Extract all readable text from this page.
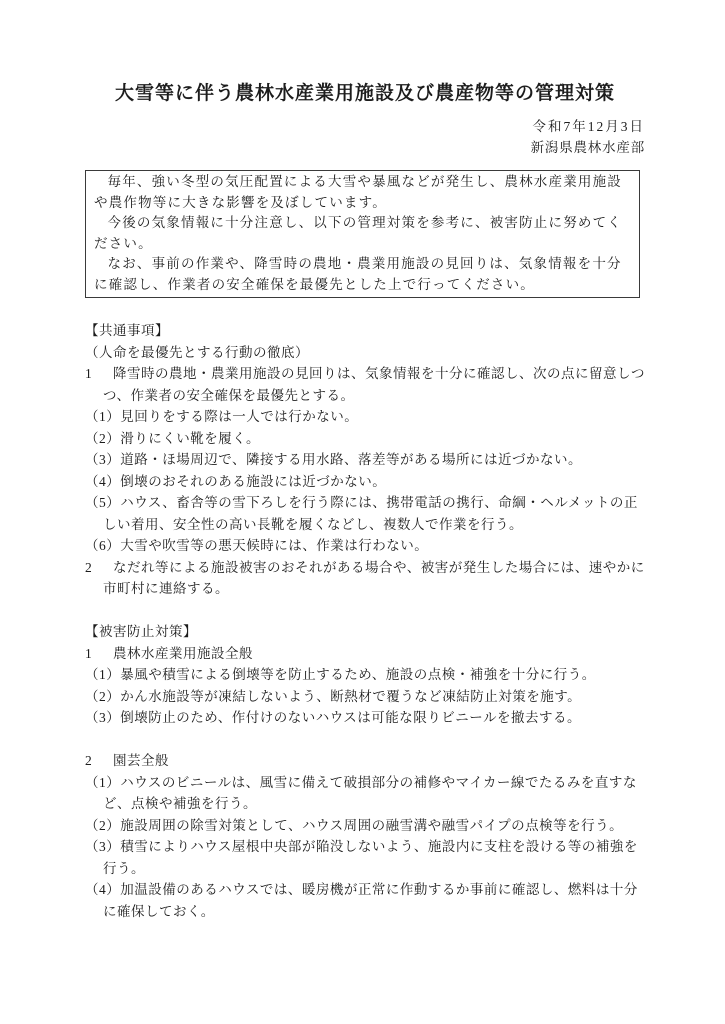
大雪等に伴う農林水産業用施設及び農産物等の管理対策
令和7年12月3日
新潟県農林水産部

毎年、強い冬型の気圧配置による大雪や暴風などが発生し、農林水産業用施設や農作物等に大きな影響を及ぼしています。

今後の気象情報に十分注意し、以下の管理対策を参考に、被害防止に努めてください。

なお、事前の作業や、降雪時の農地・農業用施設の見回りは、気象情報を十分に確認し、作業者の安全確保を最優先とした上で行ってください。

【共通事項】

（人命を最優先とする行動の徹底）

1 降雪時の農地・農業用施設の見回りは、気象情報を十分に確認し、次の点に留意しつつ、作業者の安全確保を最優先とする。

（1）見回りをする際は一人では行かない。

（2）滑りにくい靴を履く。

（3）道路・ほ場周辺で、隣接する用水路、落差等がある場所には近づかない。

（4）倒壊のおそれのある施設には近づかない。

（5）ハウス、畜舎等の雪下ろしを行う際には、携帯電話の携行、命綱・ヘルメットの正しい着用、安全性の高い長靴を履くなどし、複数人で作業を行う。

（6）大雪や吹雪等の悪天候時には、作業は行わない。

2 なだれ等による施設被害のおそれがある場合や、被害が発生した場合には、速やかに市町村に連絡する。

【被害防止対策】

1 農林水産業用施設全般

（1）暴風や積雪による倒壊等を防止するため、施設の点検・補強を十分に行う。

（2）かん水施設等が凍結しないよう、断熱材で覆うなど凍結防止対策を施す。

（3）倒壊防止のため、作付けのないハウスは可能な限りビニールを撤去する。

2 園芸全般

（1）ハウスのビニールは、風雪に備えて破損部分の補修やマイカー線でたるみを直すなど、点検や補強を行う。

（2）施設周囲の除雪対策として、ハウス周囲の融雪溝や融雪パイプの点検等を行う。

（3）積雪によりハウス屋根中央部が陥没しないよう、施設内に支柱を設ける等の補強を行う。

（4）加温設備のあるハウスでは、暖房機が正常に作動するか事前に確認し、燃料は十分に確保しておく。
